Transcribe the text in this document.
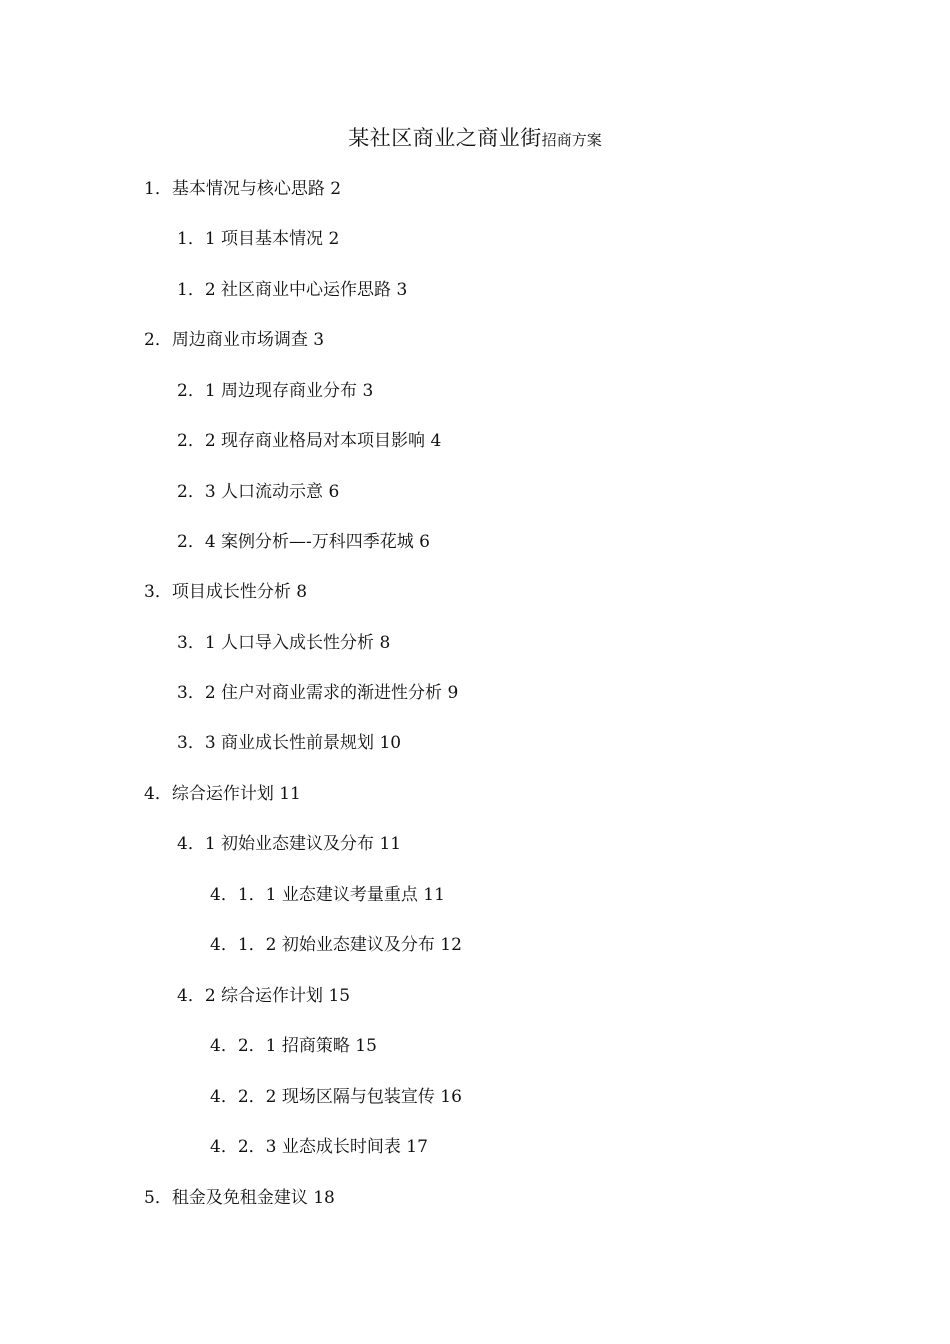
某社区商业之商业街招商方案
1．基本情况与核心思路 2
1．1 项目基本情况 2
1．2 社区商业中心运作思路 3
2．周边商业市场调查 3
2．1 周边现存商业分布 3
2．2 现存商业格局对本项目影响 4
2．3 人口流动示意 6
2．4 案例分析—-万科四季花城 6
3．项目成长性分析 8
3．1 人口导入成长性分析 8
3．2 住户对商业需求的渐进性分析 9
3．3 商业成长性前景规划 10
4．综合运作计划 11
4．1 初始业态建议及分布 11
4．1．1 业态建议考量重点 11
4．1．2 初始业态建议及分布 12
4．2 综合运作计划 15
4．2．1 招商策略 15
4．2．2 现场区隔与包装宣传 16
4．2．3 业态成长时间表 17
5．租金及免租金建议 18
